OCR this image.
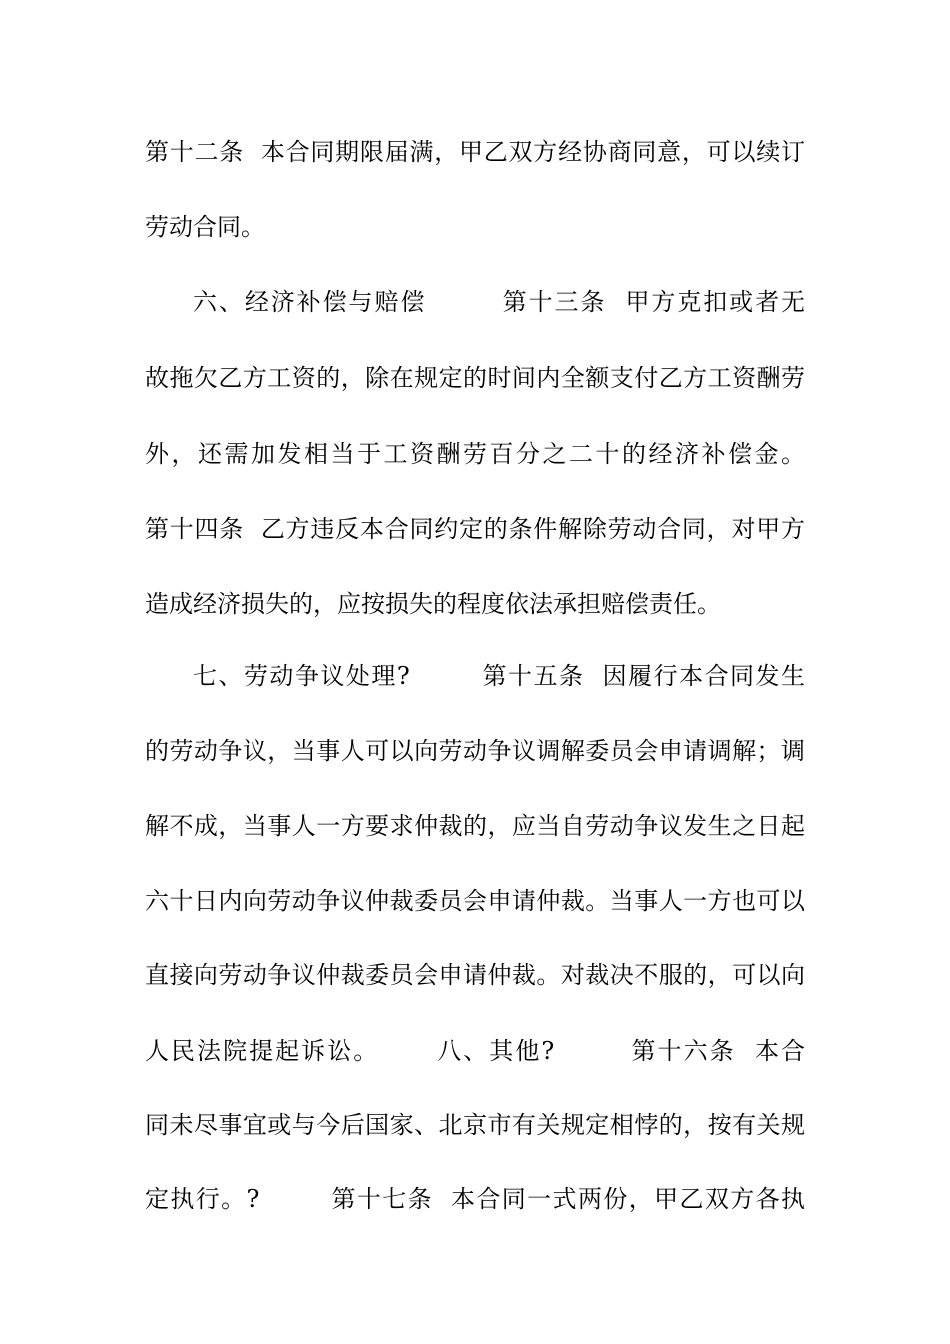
第十二条  本合同期限届满，甲乙双方经协商同意，可以续订
劳动合同。
六、经济补偿与赔偿        第十三条  甲方克扣或者无
故拖欠乙方工资的，除在规定的时间内全额支付乙方工资酬劳
外，还需加发相当于工资酬劳百分之二十的经济补偿金。
第十四条  乙方违反本合同约定的条件解除劳动合同，对甲方
造成经济损失的，应按损失的程度依法承担赔偿责任。
七、劳动争议处理?        第十五条  因履行本合同发生
的劳动争议，当事人可以向劳动争议调解委员会申请调解；调
解不成，当事人一方要求仲裁的，应当自劳动争议发生之日起
六十日内向劳动争议仲裁委员会申请仲裁。当事人一方也可以
直接向劳动争议仲裁委员会申请仲裁。对裁决不服的，可以向
人民法院提起诉讼。      八、其他?        第十六条  本合
同未尽事宜或与今后国家、北京市有关规定相悖的，按有关规
定执行。?        第十七条  本合同一式两份，甲乙双方各执
